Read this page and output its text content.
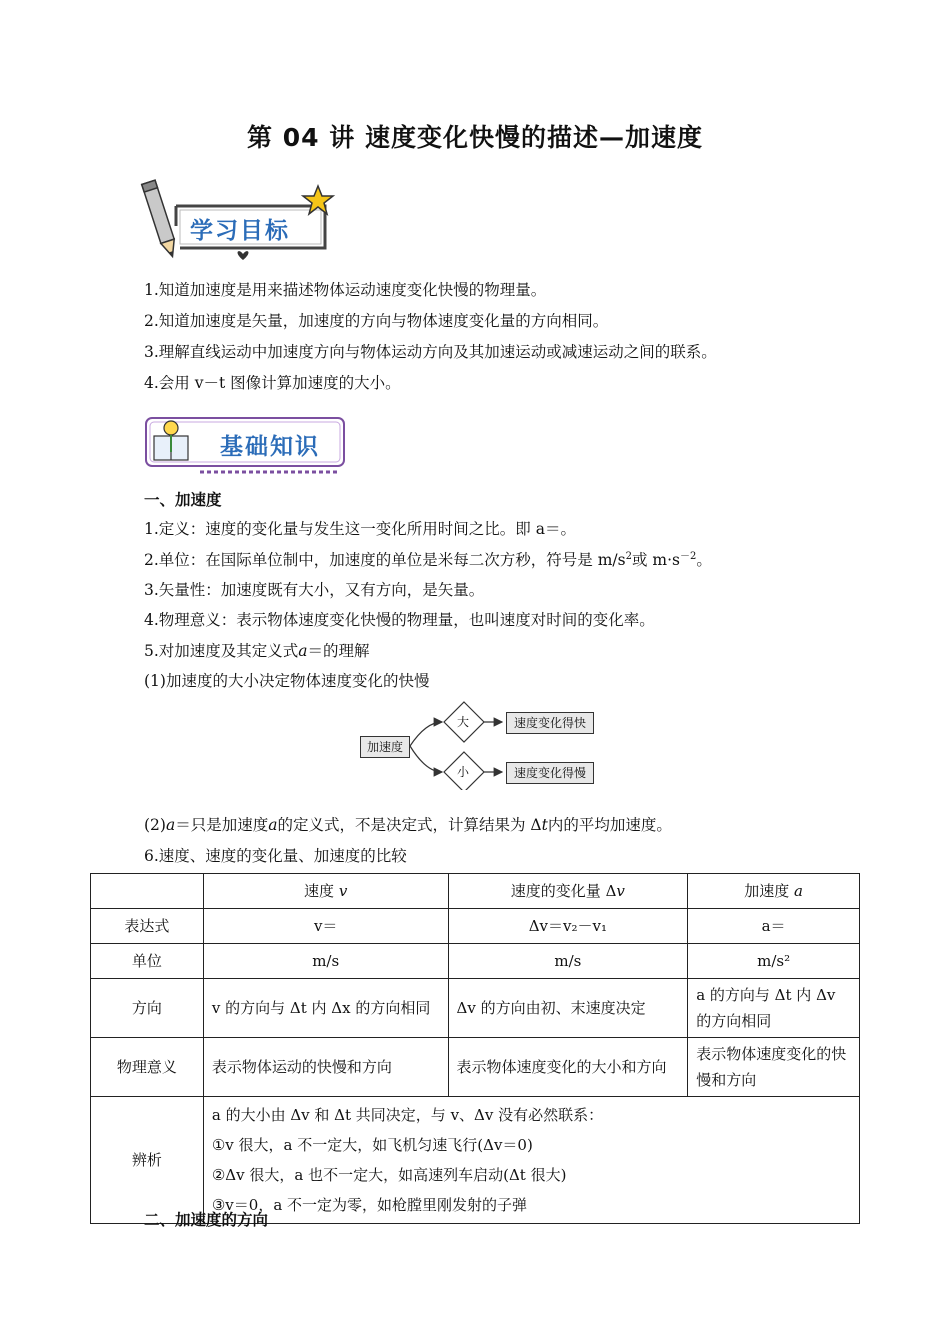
第 04 讲 速度变化快慢的描述—加速度
学习目标
1.知道加速度是用来描述物体运动速度变化快慢的物理量。
2.知道加速度是矢量，加速度的方向与物体速度变化量的方向相同。
3.理解直线运动中加速度方向与物体运动方向及其加速运动或减速运动之间的联系。
4.会用 v－t 图像计算加速度的大小。
基础知识
一、加速度
1.定义：速度的变化量与发生这一变化所用时间之比。即 a＝。
2.单位：在国际单位制中，加速度的单位是米每二次方秒，符号是 $m/s^2$或 $m\cdot s^{-2}$。
3.矢量性：加速度既有大小，又有方向，是矢量。
4.物理意义：表示物体速度变化快慢的物理量，也叫速度对时间的变化率。
5.对加速度及其定义式a＝的理解
(1)加速度的大小决定物体速度变化的快慢
加速度
大
小
速度变化得快
速度变化得慢
(2)a＝只是加速度a的定义式，不是决定式，计算结果为 Δt内的平均加速度。
6.速度、速度的变化量、加速度的比较
	速度 v	速度的变化量 Δv	加速度 a
表达式	v＝	Δv＝v₂－v₁	a＝
单位	m/s	m/s	m/s²
方向	v 的方向与 Δt 内 Δx 的方向相同	Δv 的方向由初、末速度决定	a 的方向与 Δt 内 Δv 的方向相同
物理意义	表示物体运动的快慢和方向	表示物体速度变化的大小和方向	表示物体速度变化的快慢和方向
辨析	a 的大小由 Δv 和 Δt 共同决定，与 v、Δv 没有必然联系：
①v 很大，a 不一定大，如飞机匀速飞行(Δv＝0)
②Δv 很大，a 也不一定大，如高速列车启动(Δt 很大)
③v＝0，a 不一定为零，如枪膛里刚发射的子弹		
二、加速度的方向
